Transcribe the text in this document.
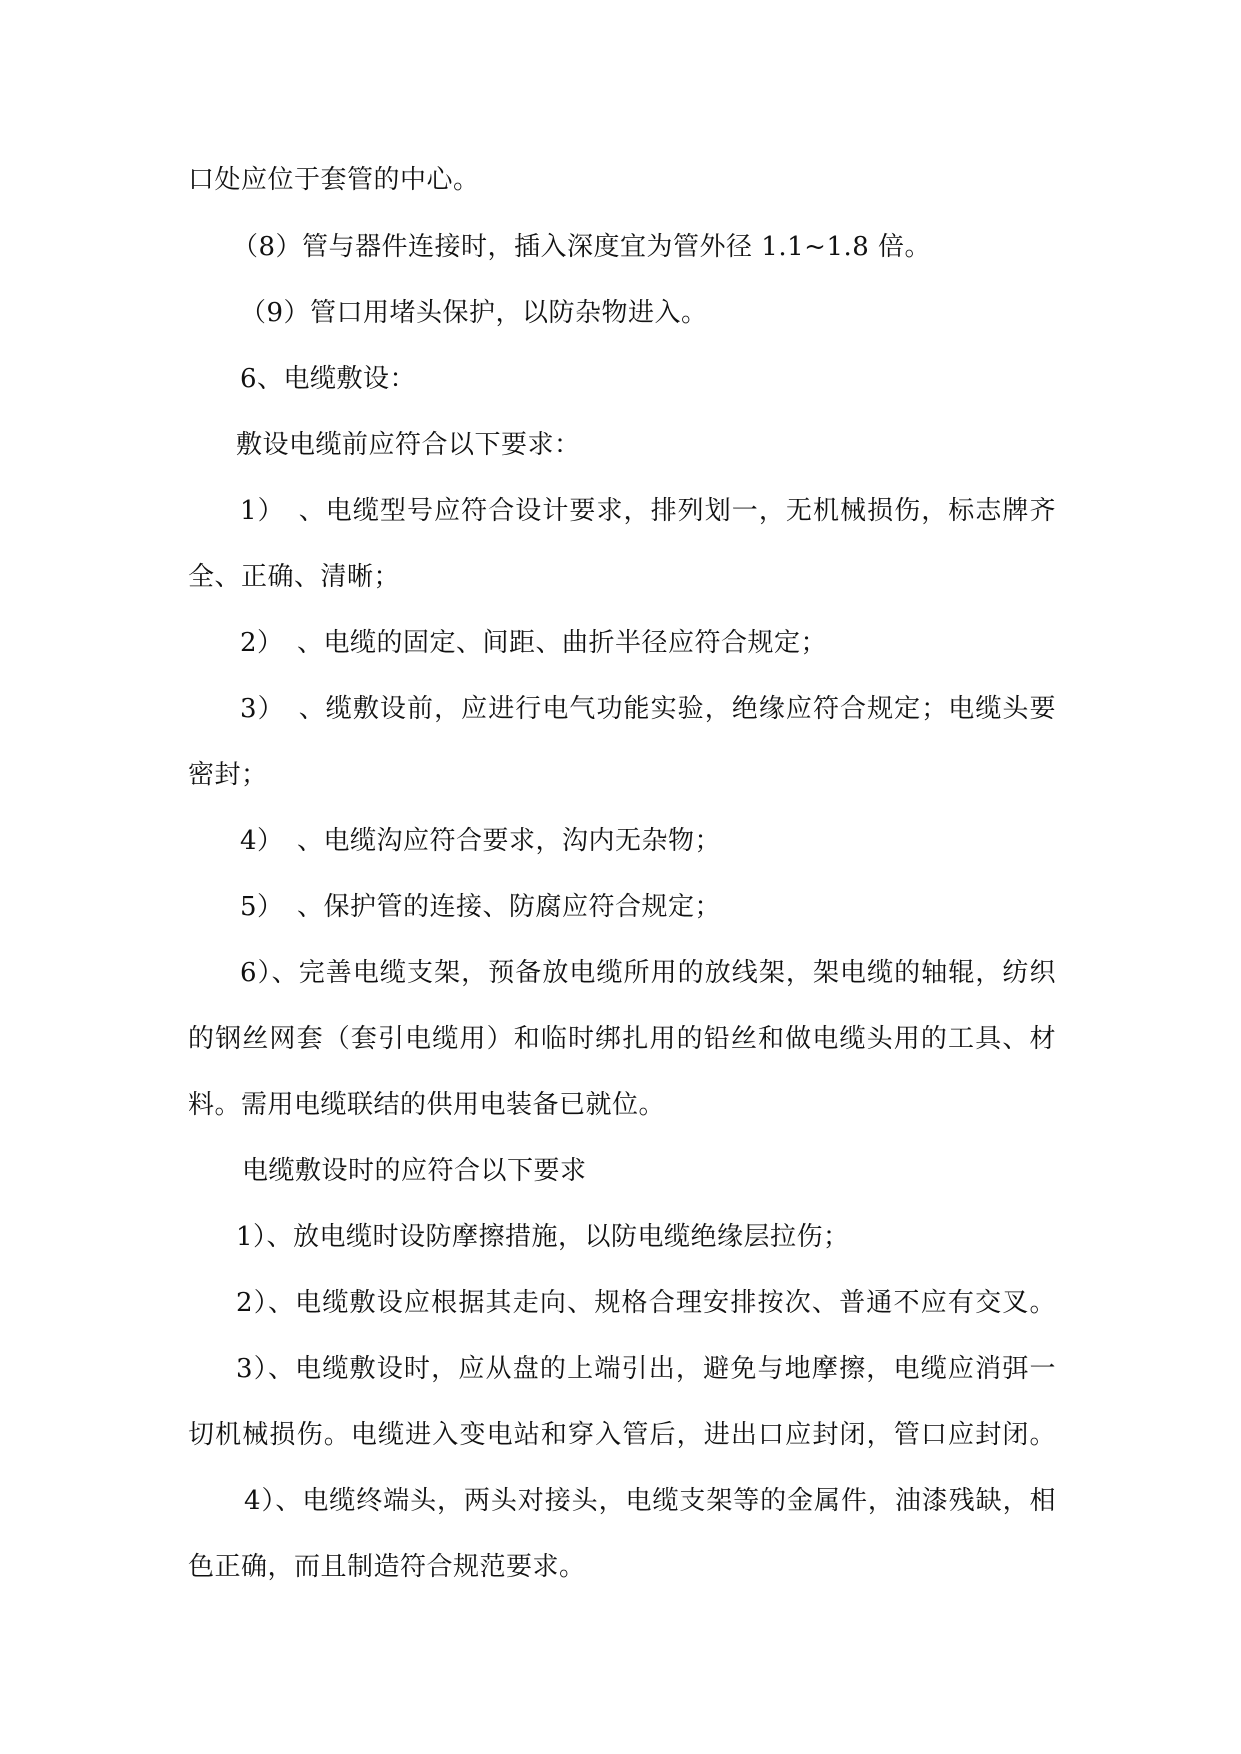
口处应位于套管的中心。
（8）管与器件连接时，插入深度宜为管外径 1.1~1.8 倍。
（9）管口用堵头保护，以防杂物进入。
6、电缆敷设：
敷设电缆前应符合以下要求：
1）　、电缆型号应符合设计要求，排列划一，无机械损伤，标志牌齐
全、正确、清晰；
2）　、电缆的固定、间距、曲折半径应符合规定；
3）　、缆敷设前，应进行电气功能实验，绝缘应符合规定；电缆头要
密封；
4）　、电缆沟应符合要求，沟内无杂物；
5）　、保护管的连接、防腐应符合规定；
6）、完善电缆支架，预备放电缆所用的放线架，架电缆的轴辊，纺织
的钢丝网套（套引电缆用）和临时绑扎用的铅丝和做电缆头用的工具、材
料。需用电缆联结的供用电装备已就位。
电缆敷设时的应符合以下要求
1）、放电缆时设防摩擦措施，以防电缆绝缘层拉伤；
2）、电缆敷设应根据其走向、规格合理安排按次、普通不应有交叉。
3）、电缆敷设时，应从盘的上端引出，避免与地摩擦，电缆应消弭一
切机械损伤。电缆进入变电站和穿入管后，进出口应封闭，管口应封闭。
4）、电缆终端头，两头对接头，电缆支架等的金属件，油漆残缺，相
色正确，而且制造符合规范要求。
